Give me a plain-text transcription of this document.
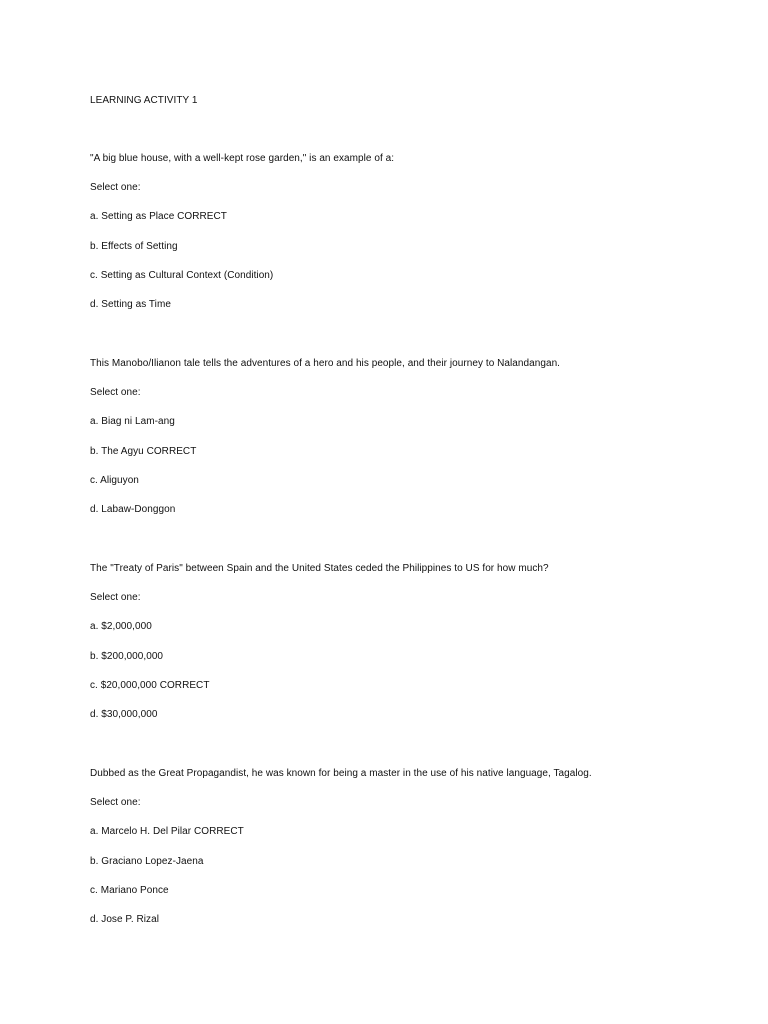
LEARNING ACTIVITY 1
"A big blue house, with a well-kept rose garden," is an example of a:
Select one:
a. Setting as Place CORRECT
b. Effects of Setting
c. Setting as Cultural Context (Condition)
d. Setting as Time
This Manobo/Ilianon tale tells the adventures of a hero and his people, and their journey to Nalandangan.
Select one:
a. Biag ni Lam-ang
b. The Agyu CORRECT
c. Aliguyon
d. Labaw-Donggon
The "Treaty of Paris" between Spain and the United States ceded the Philippines to US for how much?
Select one:
a. $2,000,000
b. $200,000,000
c. $20,000,000 CORRECT
d. $30,000,000
Dubbed as the Great Propagandist, he was known for being a master in the use of his native language, Tagalog.
Select one:
a. Marcelo H. Del Pilar CORRECT
b. Graciano Lopez-Jaena
c. Mariano Ponce
d. Jose P. Rizal
